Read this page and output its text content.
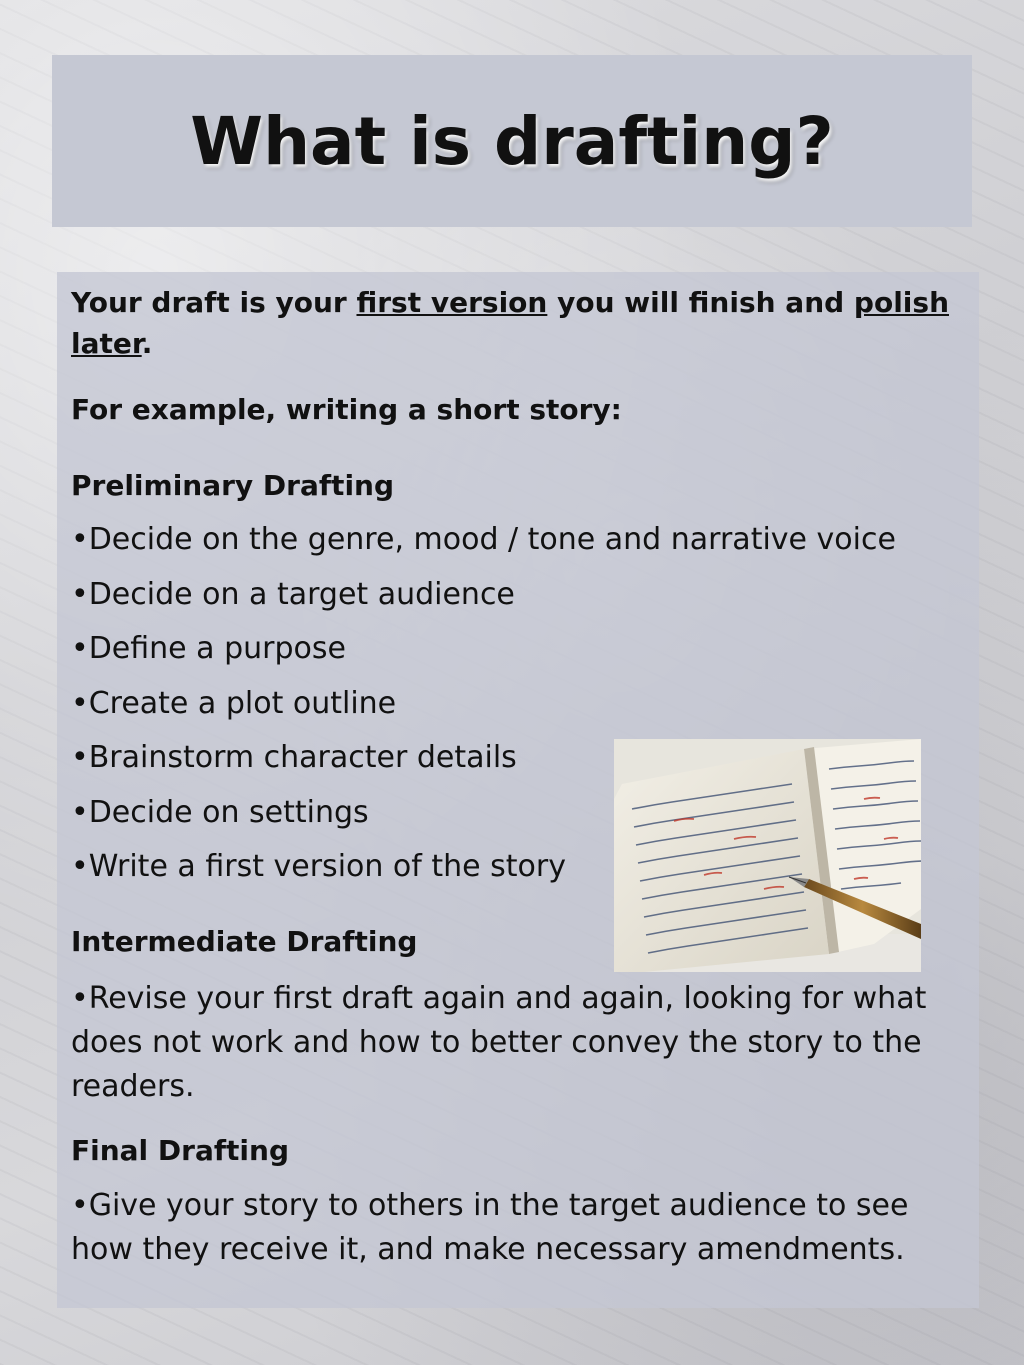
What is drafting?

Your draft is your first version you will finish and polish later.

For example, writing a short story:

Preliminary Drafting

•Decide on the genre, mood / tone and narrative voice

•Decide on a target audience

•Define a purpose

•Create a plot outline

•Brainstorm character details

•Decide on settings

•Write a first version of the story

Intermediate Drafting

•Revise your first draft again and again, looking for what does not work and how to better convey the story to the readers.

Final Drafting

•Give your story to others in the target audience to see how they receive it, and make necessary amendments.
